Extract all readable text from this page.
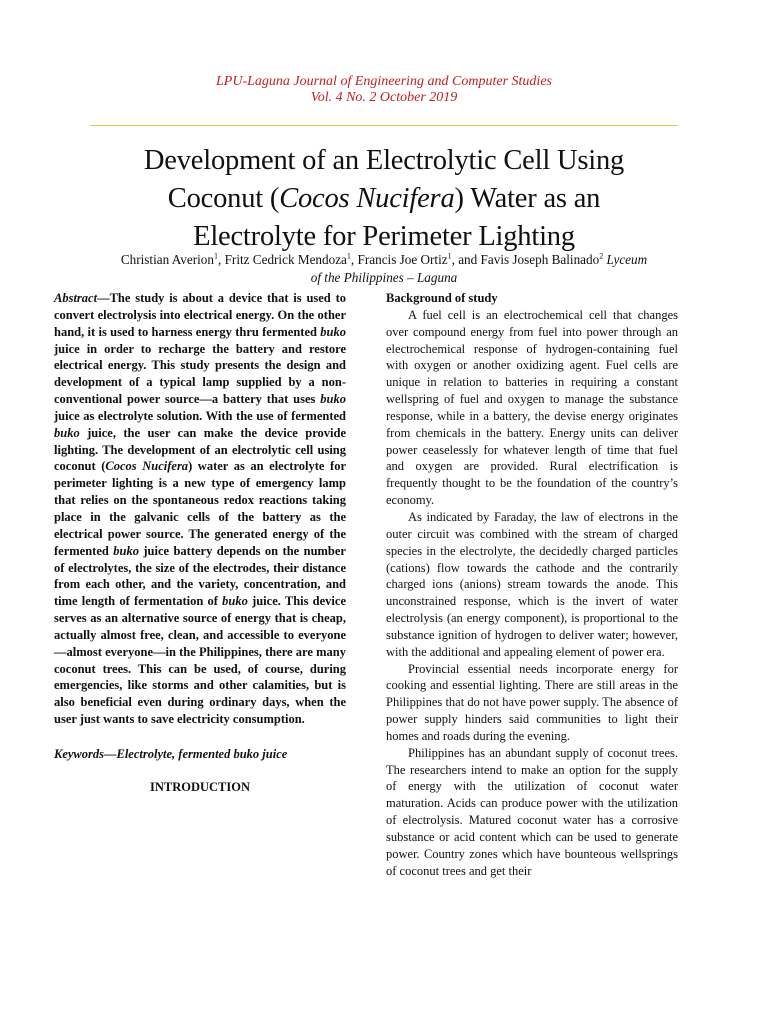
LPU-Laguna Journal of Engineering and Computer Studies
Vol. 4 No. 2 October 2019
Development of an Electrolytic Cell Using
Coconut (Cocos Nucifera) Water as an
Electrolyte for Perimeter Lighting
Christian Averion$^1$, Fritz Cedrick Mendoza$^1$, Francis Joe Ortiz$^1$, and Favis Joseph Balinado$^2$ Lyceum
of the Philippines – Laguna

Abstract—The study is about a device that is used to convert electrolysis into electrical energy. On the other hand, it is used to harness energy thru fermented buko juice in order to recharge the battery and restore electrical energy. This study presents the design and development of a typical lamp supplied by a non-conventional power source—a battery that uses buko juice as electrolyte solution. With the use of fermented buko juice, the user can make the device provide lighting. The development of an electrolytic cell using coconut (Cocos Nucifera) water as an electrolyte for perimeter lighting is a new type of emergency lamp that relies on the spontaneous redox reactions taking place in the galvanic cells of the battery as the electrical power source. The generated energy of the fermented buko juice battery depends on the number of electrolytes, the size of the electrodes, their distance from each other, and the variety, concentration, and time length of fermentation of buko juice. This device serves as an alternative source of energy that is cheap, actually almost free, clean, and accessible to everyone—almost everyone—in the Philippines, there are many coconut trees. This can be used, of course, during emergencies, like storms and other calamities, but is also beneficial even during ordinary days, when the user just wants to save electricity consumption.

Keywords—Electrolyte, fermented buko juice

INTRODUCTION

Background of study

A fuel cell is an electrochemical cell that changes over compound energy from fuel into power through an electrochemical response of hydrogen-containing fuel with oxygen or another oxidizing agent. Fuel cells are unique in relation to batteries in requiring a constant wellspring of fuel and oxygen to manage the substance response, while in a battery, the devise energy originates from chemicals in the battery. Energy units can deliver power ceaselessly for whatever length of time that fuel and oxygen are provided. Rural electrification is frequently thought to be the foundation of the country’s economy.

As indicated by Faraday, the law of electrons in the outer circuit was combined with the stream of charged species in the electrolyte, the decidedly charged particles (cations) flow towards the cathode and the contrarily charged ions (anions) stream towards the anode. This unconstrained response, which is the invert of water electrolysis (an energy component), is proportional to the substance ignition of hydrogen to deliver water; however, with the additional and appealing element of power era.

Provincial essential needs incorporate energy for cooking and essential lighting. There are still areas in the Philippines that do not have power supply. The absence of power supply hinders said communities to light their homes and roads during the evening.

Philippines has an abundant supply of coconut trees. The researchers intend to make an option for the supply of energy with the utilization of coconut water maturation. Acids can produce power with the utilization of electrolysis. Matured coconut water has a corrosive substance or acid content which can be used to generate power. Country zones which have bounteous wellsprings of coconut trees and get their
